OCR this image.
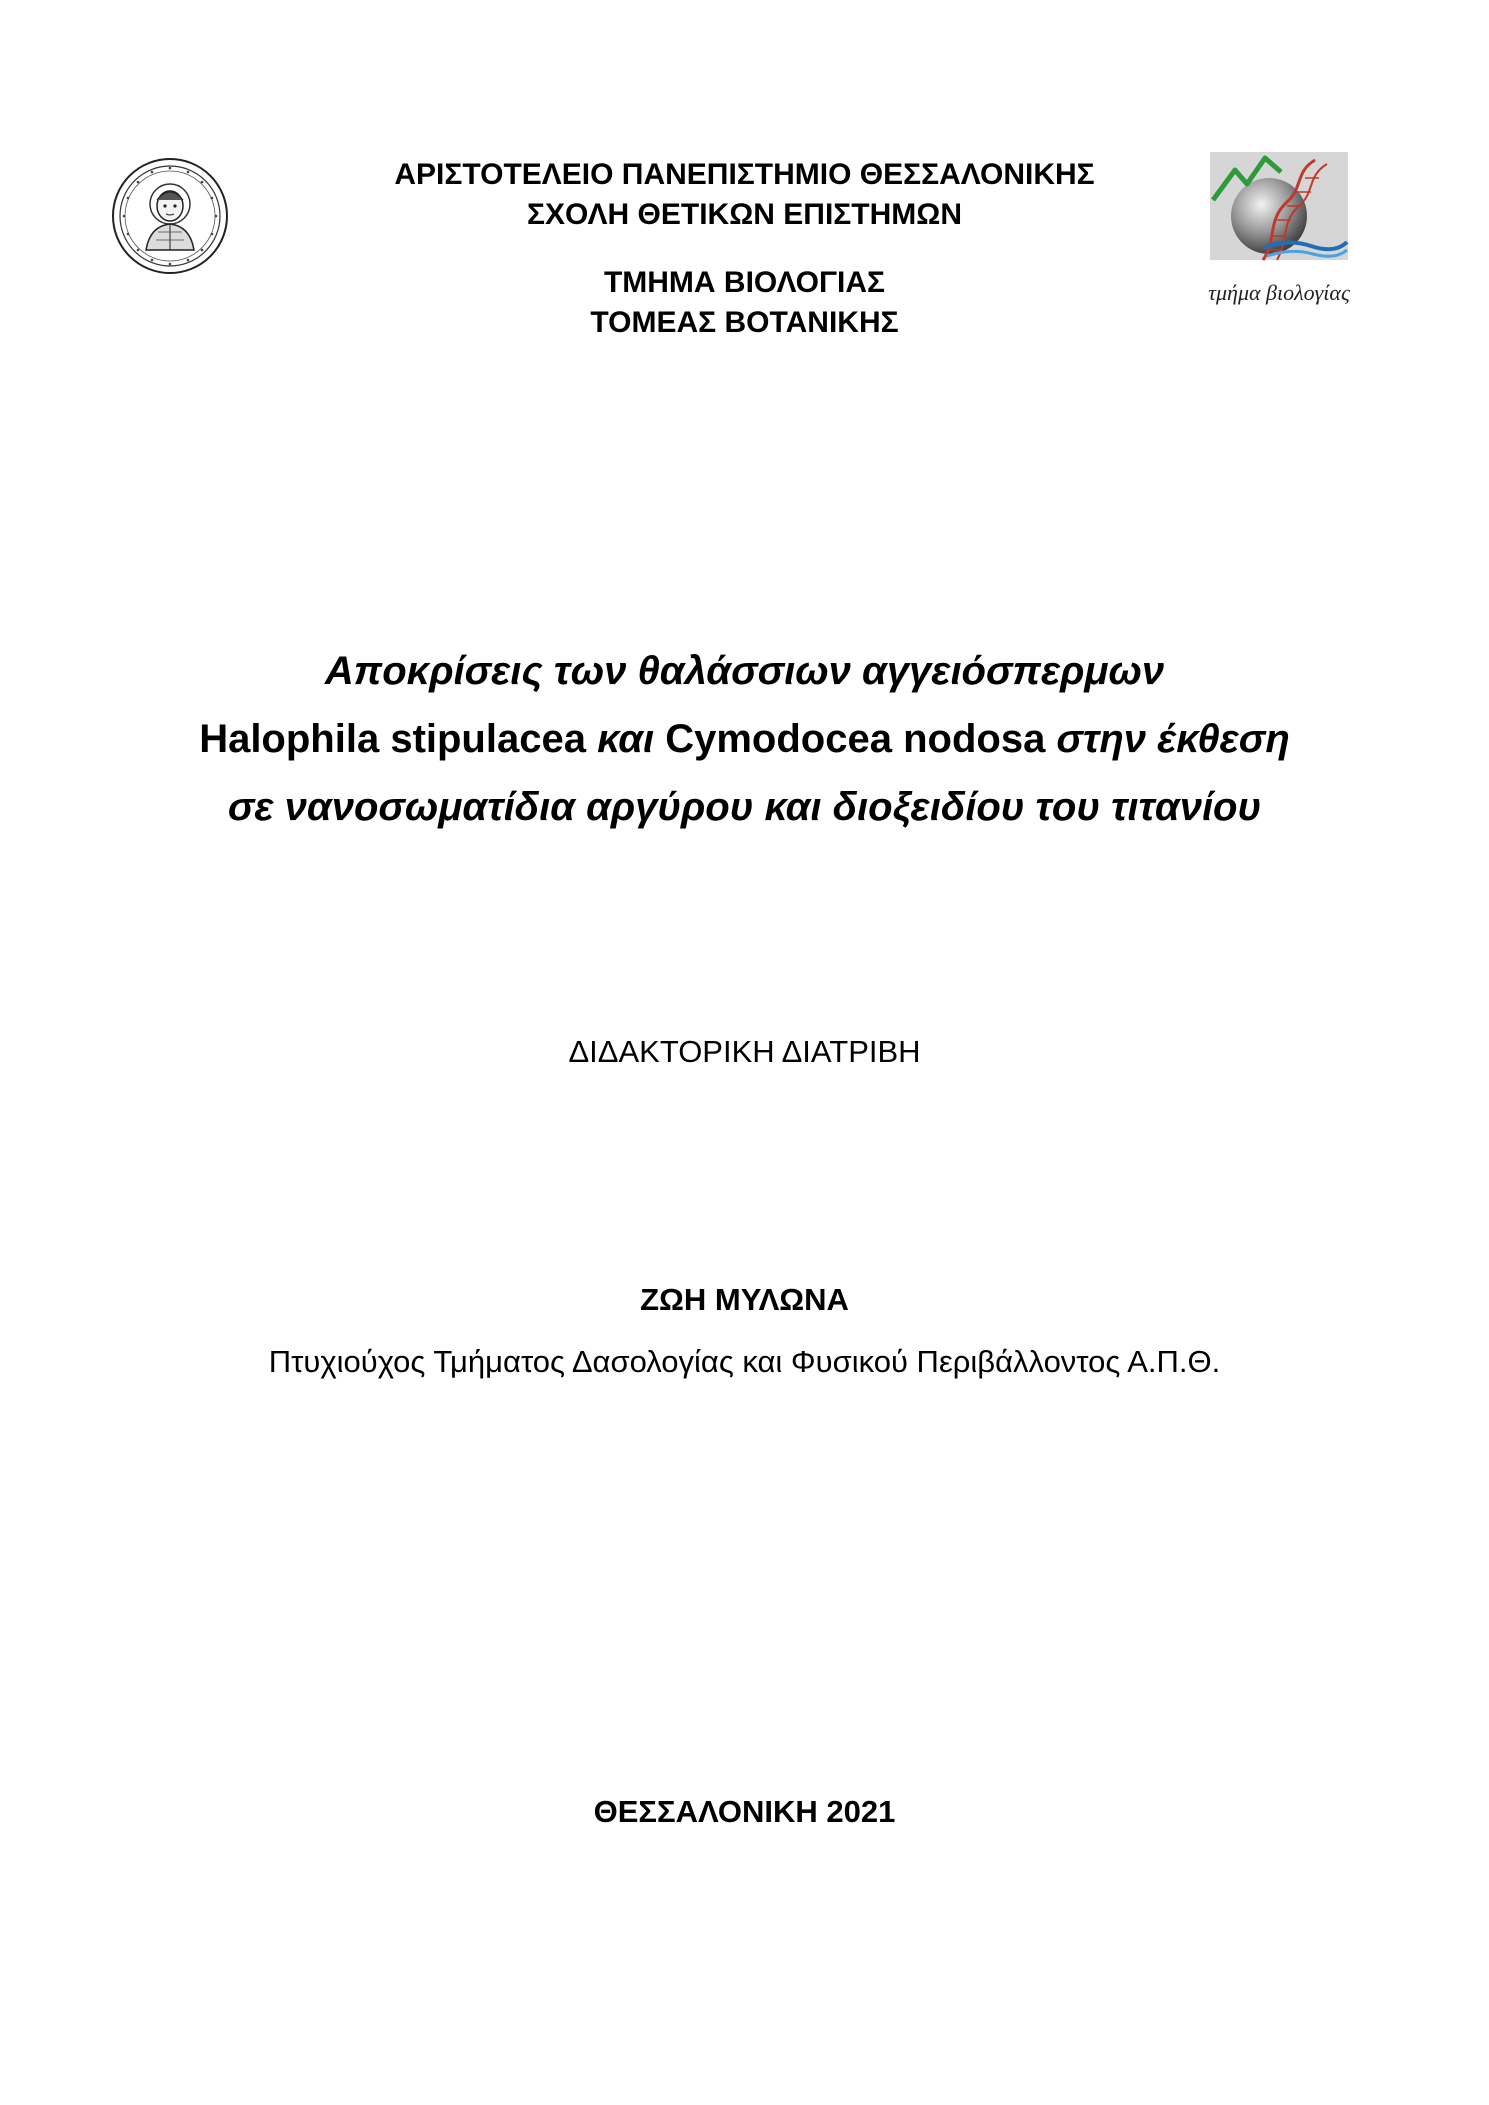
ΑΡΙΣΤΟΤΕΛΕΙΟ ΠΑΝΕΠΙΣΤΗΜΙΟ ΘΕΣΣΑΛΟΝΙΚΗΣ
ΣΧΟΛΗ ΘΕΤΙΚΩΝ ΕΠΙΣΤΗΜΩΝ
ΤΜΗΜΑ ΒΙΟΛΟΓΙΑΣ
ΤΟΜΕΑΣ ΒΟΤΑΝΙΚΗΣ
τμήμα βιολογίας
Αποκρίσεις των θαλάσσιων αγγειόσπερμων
Halophila stipulacea και Cymodocea nodosa στην έκθεση
σε νανοσωματίδια αργύρου και διοξειδίου του τιτανίου
ΔΙΔΑΚΤΟΡΙΚΗ ΔΙΑΤΡΙΒΗ
ΖΩΗ ΜΥΛΩΝΑ
Πτυχιούχος Τμήματος Δασολογίας και Φυσικού Περιβάλλοντος Α.Π.Θ.
ΘΕΣΣΑΛΟΝΙΚΗ 2021
